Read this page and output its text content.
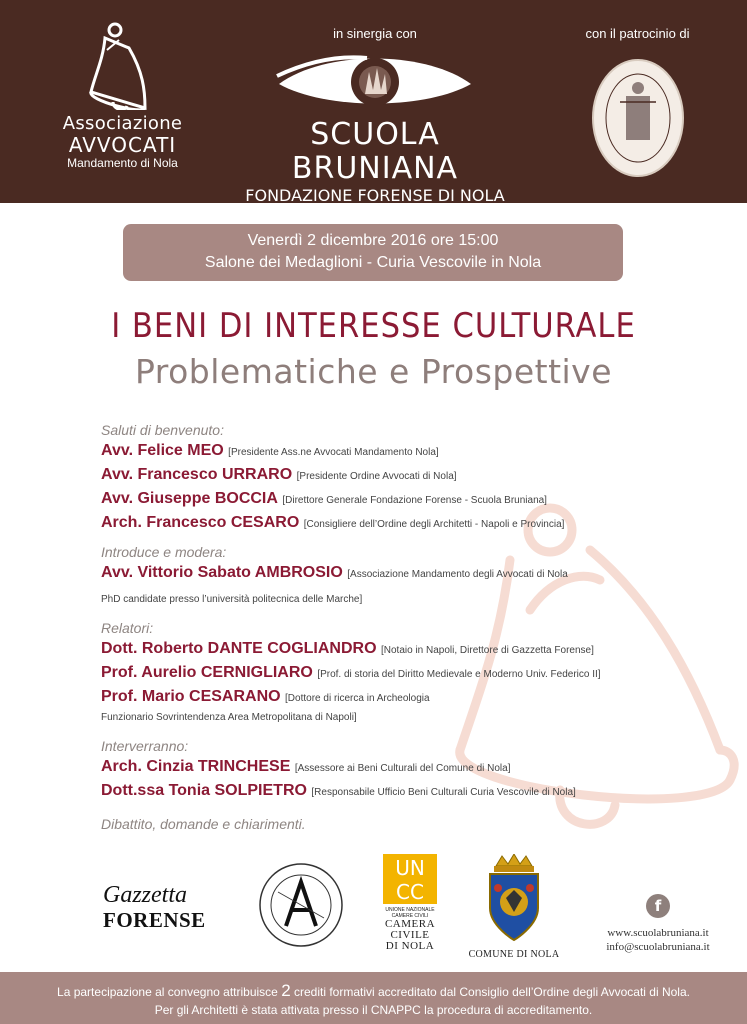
Associazione
AVVOCATI
Mandamento di Nola
in sinergia con
SCUOLA BRUNIANA
FONDAZIONE FORENSE DI NOLA
con il patrocinio di
Venerdì 2 dicembre 2016 ore 15:00
Salone dei Medaglioni - Curia Vescovile in Nola
I BENI DI INTERESSE CULTURALE
Problematiche e Prospettive
Saluti di benvenuto:
Avv. Felice MEO [Presidente Ass.ne Avvocati Mandamento Nola]
Avv. Francesco URRARO [Presidente Ordine Avvocati di Nola]
Avv. Giuseppe BOCCIA [Direttore Generale Fondazione Forense - Scuola Bruniana]
Arch. Francesco CESARO [Consigliere dell’Ordine degli Architetti - Napoli e Provincia]
Introduce e modera:
Avv. Vittorio Sabato AMBROSIO [Associazione Mandamento degli Avvocati di Nola
PhD candidate presso l’università politecnica delle Marche]
Relatori:
Dott. Roberto DANTE COGLIANDRO [Notaio in Napoli, Direttore di Gazzetta Forense]
Prof. Aurelio CERNIGLIARO [Prof. di storia del Diritto Medievale e Moderno Univ. Federico II]
Prof. Mario CESARANO [Dottore di ricerca in Archeologia
Funzionario Sovrintendenza Area Metropolitana di Napoli]
Interverranno:
Arch. Cinzia TRINCHESE [Assessore ai Beni Culturali del Comune di Nola]
Dott.ssa Tonia SOLPIETRO [Responsabile Ufficio Beni Culturali Curia Vescovile di Nola]
Dibattito, domande e chiarimenti.
Gazzetta
FORENSE
UN CC
UNIONE NAZIONALE CAMERE CIVILI
CAMERA
CIVILE
DI NOLA
COMUNE DI NOLA
f
www.scuolabruniana.it
info@scuolabruniana.it
La partecipazione al convegno attribuisce 2 crediti formativi accreditato dal Consiglio dell’Ordine degli Avvocati di Nola.
Per gli Architetti è stata attivata presso il CNAPPC la procedura di accreditamento.
